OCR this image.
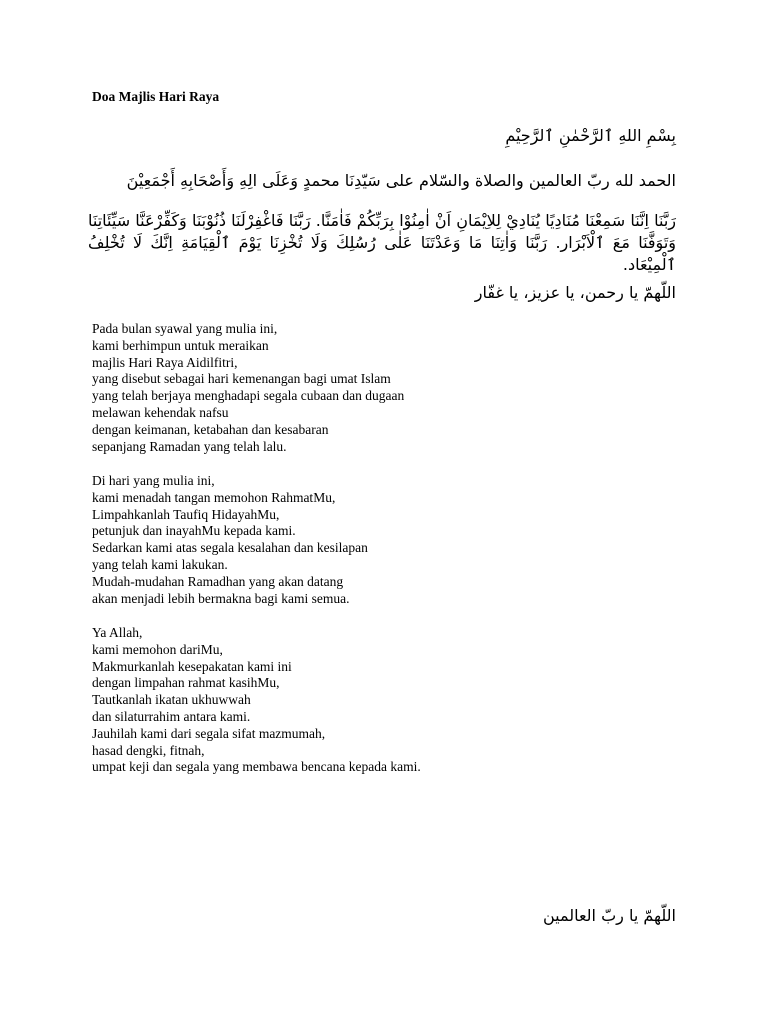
Doa Majlis Hari Raya
بِسْمِ اللهِ ٱلرَّحْمٰنِ ٱلرَّحِيْمِ
الحمد لله ربّ العالمين والصلاة والسّلام على سَيّدِنَا محمدٍ وَعَلَى الِهِ وَأَصْحَابِهِ أَجْمَعِيْنَ
رَبَّنَا اِنَّنَا سَمِعْنَا مُنَادِيًا يُنَادِيْ لِلاِيْمَانِ اَنْ اٰمِنُوْا بِرَبِّكُمْ فَاٰمَنَّا. رَبَّنَا فَاغْفِرْلَنَا ذُنُوْبَنَا وَكَفِّرْعَنَّا سَيِّئَاتِنَا وَتَوَفَّنَا مَعَ ٱلْاَبْرَار. رَبَّنَا وَاٰتِنَا مَا وَعَدْتَنَا عَلٰى رُسُلِكَ وَلَا تُخْزِنَا يَوْمَ ٱلْقِيَامَةِ اِنَّكَ لَا تُخْلِفُ ٱلْمِيْعَاد.
اللّهمّ يا رحمن، يا عزيز، يا غفّار
Pada bulan syawal yang mulia ini,
kami berhimpun untuk meraikan
majlis Hari Raya Aidilfitri,
yang disebut sebagai hari kemenangan bagi umat Islam
yang telah berjaya menghadapi segala cubaan dan dugaan
melawan kehendak nafsu
dengan keimanan, ketabahan dan kesabaran
sepanjang Ramadan yang telah lalu.
Di hari yang mulia ini,
kami menadah tangan memohon RahmatMu,
Limpahkanlah Taufiq HidayahMu,
petunjuk dan inayahMu kepada kami.
Sedarkan kami atas segala kesalahan dan kesilapan
yang telah kami lakukan.
Mudah-mudahan Ramadhan yang akan datang
akan menjadi lebih bermakna bagi kami semua.
Ya Allah,
kami memohon dariMu,
Makmurkanlah kesepakatan kami ini
dengan limpahan rahmat kasihMu,
Tautkanlah ikatan ukhuwwah
dan silaturrahim antara kami.
Jauhilah kami dari segala sifat mazmumah,
hasad dengki, fitnah,
umpat keji dan segala yang membawa bencana kepada kami.
اللّهمّ يا ربّ العالمين
